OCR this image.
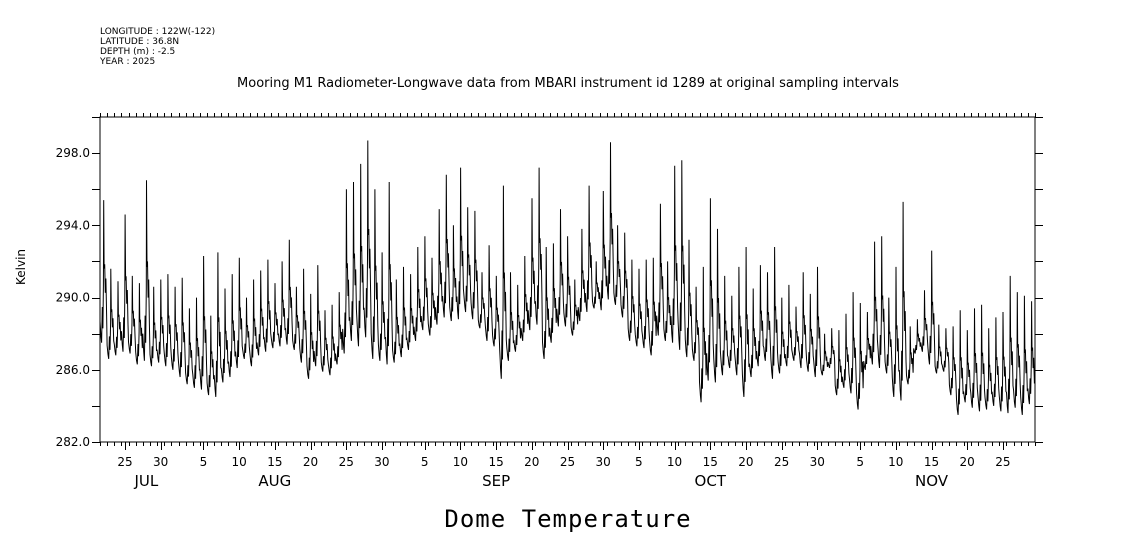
LONGITUDE : 122W(-122)
LATITUDE : 36.8N
DEPTH (m) : -2.5
YEAR : 2025
Mooring M1 Radiometer-Longwave data from MBARI instrument id 1289 at original sampling intervals
Kelvin
Dome Temperature
25 30	5 10 15 20 25 30	5 10 15 20 25 30 5 10 15 20 25 30	5 10 15 20 25
JUL	AUG	SEP	OCT	NOV
282.0
286.0
290.0
294.0
298.0
